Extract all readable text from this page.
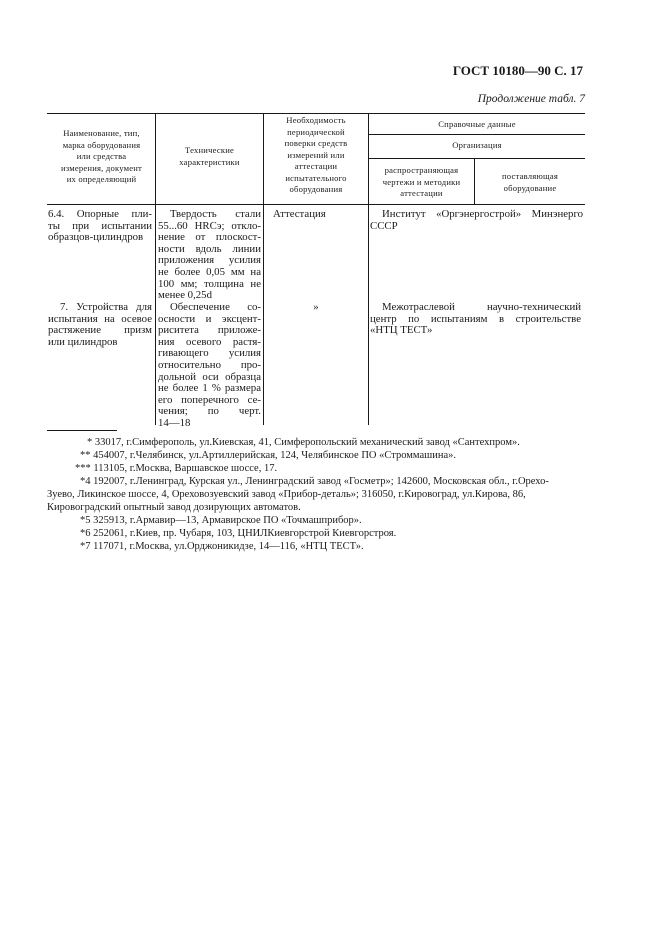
ГОСТ 10180—90 С. 17
Продолжение табл. 7
Наименование, тип,
марка оборудования
или средства
измерения, документ
их определяющий
Технические
характеристики
Необходимость
периодической
поверки средств
измерений или
аттестации
испытательного
оборудования
Справочные данные
Организация
распространяющая
чертежи и методики
аттестации
поставляющая
оборудование
6.4. Опорные пли-
ты при испытании
образцов-цилиндров
Твердость стали
55...60 HRCэ; откло-
нение от плоскост-
ности вдоль линии
приложения усилия
не более 0,05 мм на
100 мм; толщина не
менее 0,25d
Аттестация	Институт «Оргэнергострой» Минэнерго
СССР
7. Устройства для
испытания на осевое
растяжение призм
или цилиндров
Обеспечение со-
осности и эксцент-
риситета приложе-
ния осевого растя-
гивающего усилия
относительно про-
дольной оси образца
не более 1 % размера
его поперечного се-
чения; по черт.
14—18
»	Межотраслевой научно-технический
центр по испытаниям в строительстве
«НТЦ ТЕСТ»
* 33017, г.Симферополь, ул.Киевская, 41, Симферопольский механический завод «Сантехпром».
** 454007, г.Челябинск, ул.Артиллерийская, 124, Челябинское ПО «Строммашина».
*** 113105, г.Москва, Варшавское шоссе, 17.
*4 192007, г.Ленинград, Курская ул., Ленинградский завод «Госметр»; 142600, Московская обл., г.Орехо-
Зуево, Ликинское шоссе, 4, Ореховозуевский завод «Прибор-деталь»; 316050, г.Кировоград, ул.Кирова, 86,
Кировоградский опытный завод дозирующих автоматов.
*5 325913, г.Армавир—13, Армавирское ПО «Точмашприбор».
*6 252061, г.Киев, пр. Чубаря, 103, ЦНИЛКиевгорстрой Киевгорстроя.
*7 117071, г.Москва, ул.Орджоникидзе, 14—116, «НТЦ ТЕСТ».
